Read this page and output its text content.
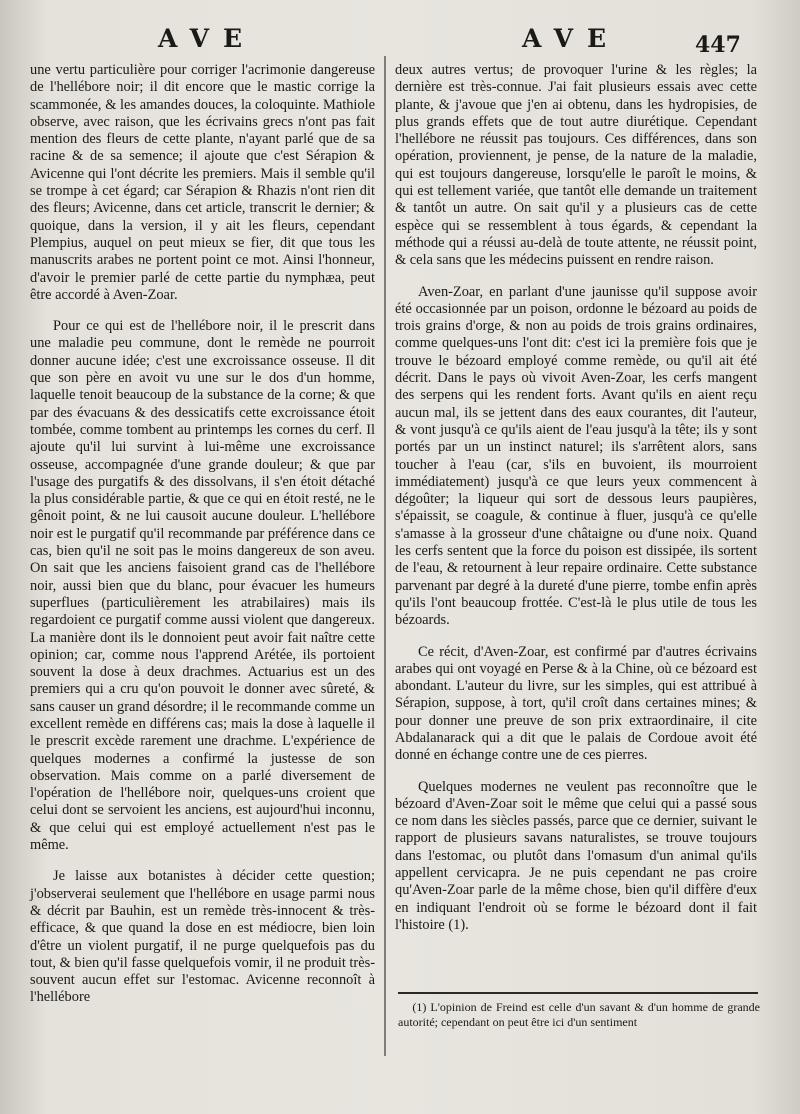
AVE	AVE	447

une vertu particulière pour corriger l'acrimonie dangereuse de l'hellébore noir; il dit encore que le mastic corrige la scammonée, & les amandes douces, la coloquinte. Mathiole observe, avec raison, que les écrivains grecs n'ont pas fait mention des fleurs de cette plante, n'ayant parlé que de sa racine & de sa semence; il ajoute que c'est Sérapion & Avicenne qui l'ont décrite les premiers. Mais il semble qu'il se trompe à cet égard; car Sérapion & Rhazis n'ont rien dit des fleurs; Avicenne, dans cet article, transcrit le dernier; & quoique, dans la version, il y ait les fleurs, cependant Plempius, auquel on peut mieux se fier, dit que tous les manuscrits arabes ne portent point ce mot. Ainsi l'honneur, d'avoir le premier parlé de cette partie du nymphæa, peut être accordé à Aven-Zoar.

Pour ce qui est de l'hellébore noir, il le prescrit dans une maladie peu commune, dont le remède ne pourroit donner aucune idée; c'est une excroissance osseuse. Il dit que son père en avoit vu une sur le dos d'un homme, laquelle tenoit beaucoup de la substance de la corne; & que par des évacuans & des dessicatifs cette excroissance étoit tombée, comme tombent au printemps les cornes du cerf. Il ajoute qu'il lui survint à lui-même une excroissance osseuse, accompagnée d'une grande douleur; & que par l'usage des purgatifs & des dissolvans, il s'en étoit détaché la plus considérable partie, & que ce qui en étoit resté, ne le gênoit point, & ne lui causoit aucune douleur. L'hellébore noir est le purgatif qu'il recommande par préférence dans ce cas, bien qu'il ne soit pas le moins dangereux de son aveu. On sait que les anciens faisoient grand cas de l'hellébore noir, aussi bien que du blanc, pour évacuer les humeurs superflues (particulièrement les atrabilaires) mais ils regardoient ce purgatif comme aussi violent que dangereux. La manière dont ils le donnoient peut avoir fait naître cette opinion; car, comme nous l'apprend Arétée, ils portoient souvent la dose à deux drachmes. Actuarius est un des premiers qui a cru qu'on pouvoit le donner avec sûreté, & sans causer un grand désordre; il le recommande comme un excellent remède en différens cas; mais la dose à laquelle il le prescrit excède rarement une drachme. L'expérience de quelques modernes a confirmé la justesse de son observation. Mais comme on a parlé diversement de l'opération de l'hellébore noir, quelques-uns croient que celui dont se servoient les anciens, est aujourd'hui inconnu, & que celui qui est employé actuellement n'est pas le même.

Je laisse aux botanistes à décider cette question; j'observerai seulement que l'hellébore en usage parmi nous & décrit par Bauhin, est un remède très-innocent & très-efficace, & que quand la dose en est médiocre, bien loin d'être un violent purgatif, il ne purge quelquefois pas du tout, & bien qu'il fasse quelquefois vomir, il ne produit très-souvent aucun effet sur l'estomac. Avicenne reconnoît à l'hellébore

deux autres vertus; de provoquer l'urine & les règles; la dernière est très-connue. J'ai fait plusieurs essais avec cette plante, & j'avoue que j'en ai obtenu, dans les hydropisies, de plus grands effets que de tout autre diurétique. Cependant l'hellébore ne réussit pas toujours. Ces différences, dans son opération, proviennent, je pense, de la nature de la maladie, qui est toujours dangereuse, lorsqu'elle le paroît le moins, & qui est tellement variée, que tantôt elle demande un traitement & tantôt un autre. On sait qu'il y a plusieurs cas de cette espèce qui se ressemblent à tous égards, & cependant la méthode qui a réussi au-delà de toute attente, ne réussit point, & cela sans que les médecins puissent en rendre raison.

Aven-Zoar, en parlant d'une jaunisse qu'il suppose avoir été occasionnée par un poison, ordonne le bézoard au poids de trois grains d'orge, & non au poids de trois grains ordinaires, comme quelques-uns l'ont dit: c'est ici la première fois que je trouve le bézoard employé comme remède, ou qu'il ait été décrit. Dans le pays où vivoit Aven-Zoar, les cerfs mangent des serpens qui les rendent forts. Avant qu'ils en aient reçu aucun mal, ils se jettent dans des eaux courantes, dit l'auteur, & vont jusqu'à ce qu'ils aient de l'eau jusqu'à la tête; ils y sont portés par un un instinct naturel; ils s'arrêtent alors, sans toucher à l'eau (car, s'ils en buvoient, ils mourroient immédiatement) jusqu'à ce que leurs yeux commencent à dégoûter; la liqueur qui sort de dessous leurs paupières, s'épaissit, se coagule, & continue à fluer, jusqu'à ce qu'elle s'amasse à la grosseur d'une châtaigne ou d'une noix. Quand les cerfs sentent que la force du poison est dissipée, ils sortent de l'eau, & retournent à leur repaire ordinaire. Cette substance parvenant par degré à la dureté d'une pierre, tombe enfin après qu'ils l'ont beaucoup frottée. C'est-là le plus utile de tous les bézoards.

Ce récit, d'Aven-Zoar, est confirmé par d'autres écrivains arabes qui ont voyagé en Perse & à la Chine, où ce bézoard est abondant. L'auteur du livre, sur les simples, qui est attribué à Sérapion, suppose, à tort, qu'il croît dans certaines mines; & pour donner une preuve de son prix extraordinaire, il cite Abdalanarack qui a dit que le palais de Cordoue avoit été donné en échange contre une de ces pierres.

Quelques modernes ne veulent pas reconnoître que le bézoard d'Aven-Zoar soit le même que celui qui a passé sous ce nom dans les siècles passés, parce que ce dernier, suivant le rapport de plusieurs savans naturalistes, se trouve toujours dans l'estomac, ou plutôt dans l'omasum d'un animal qu'ils appellent cervicapra. Je ne puis cependant ne pas croire qu'Aven-Zoar parle de la même chose, bien qu'il diffère d'eux en indiquant l'endroit où se forme le bézoard dont il fait l'histoire (1).

(1) L'opinion de Freind est celle d'un savant & d'un homme de grande autorité; cependant on peut être ici d'un sentiment
